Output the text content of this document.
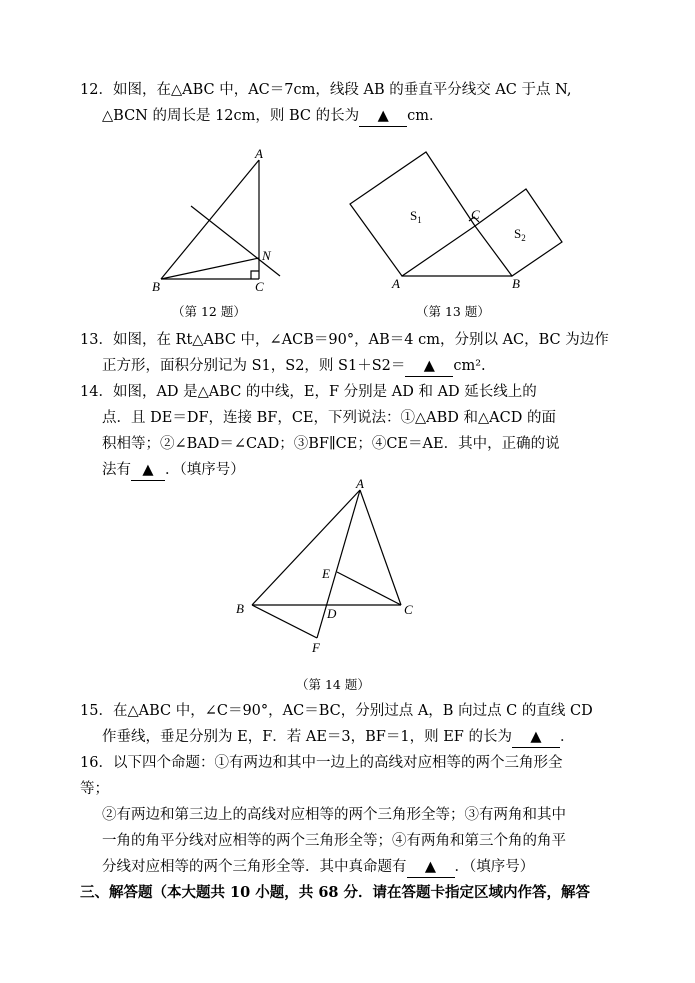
12．如图，在△ABC 中，AC＝7cm，线段 AB 的垂直平分线交 AC 于点 N,
△BCN 的周长是 12cm，则 BC 的长为 ▲ cm．
A
B	C
N
（第 12 题）
$S_1$
$S_2$
C
A	B
（第 13 题）
13．如图，在 Rt△ABC 中，∠ACB＝90°，AB＝4 cm，分别以 AC，BC 为边作
正方形，面积分别记为 S1，S2，则 S1＋S2＝ ▲ cm².
14．如图，AD 是△ABC 的中线，E，F 分别是 AD 和 AD 延长线上的
点．且 DE＝DF，连接 BF，CE，下列说法：①△ABD 和△ACD 的面
积相等；②∠BAD＝∠CAD；③BF∥CE；④CE＝AE．其中，正确的说
法有 ▲ ．（填序号）
A
B	C
D
E
F
（第 14 题）
15．在△ABC 中，∠C＝90°，AC＝BC，分别过点 A，B 向过点 C 的直线 CD
作垂线，垂足分别为 E，F．若 AE＝3，BF＝1，则 EF 的长为 ▲ ．
16．以下四个命题：①有两边和其中一边上的高线对应相等的两个三角形全
等；
②有两边和第三边上的高线对应相等的两个三角形全等；③有两角和其中
一角的角平分线对应相等的两个三角形全等；④有两角和第三个角的角平
分线对应相等的两个三角形全等．其中真命题有 ▲ ．（填序号）
三、解答题（本大题共 10 小题，共 68 分．请在答题卡指定区域内作答，解答
